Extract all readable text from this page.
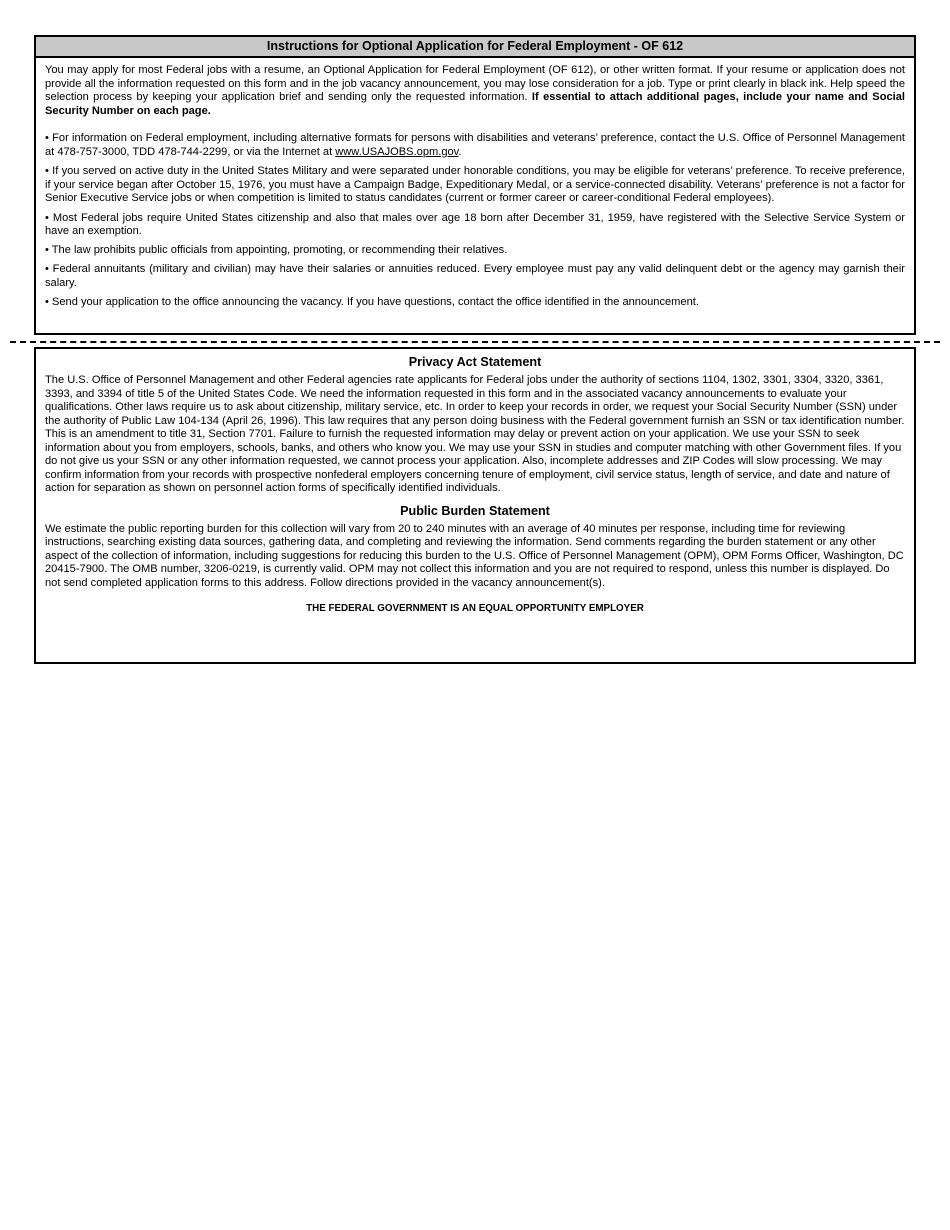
Instructions for Optional Application for Federal Employment - OF 612

You may apply for most Federal jobs with a resume, an Optional Application for Federal Employment (OF 612), or other written format. If your resume or application does not provide all the information requested on this form and in the job vacancy announcement, you may lose consideration for a job. Type or print clearly in black ink. Help speed the selection process by keeping your application brief and sending only the requested information. If essential to attach additional pages, include your name and Social Security Number on each page.

• For information on Federal employment, including alternative formats for persons with disabilities and veterans’ preference, contact the U.S. Office of Personnel Management at 478-757-3000, TDD 478-744-2299, or via the Internet at www.USAJOBS.opm.gov.

• If you served on active duty in the United States Military and were separated under honorable conditions, you may be eligible for veterans’ preference. To receive preference, if your service began after October 15, 1976, you must have a Campaign Badge, Expeditionary Medal, or a service-connected disability. Veterans’ preference is not a factor for Senior Executive Service jobs or when competition is limited to status candidates (current or former career or career-conditional Federal employees).

• Most Federal jobs require United States citizenship and also that males over age 18 born after December 31, 1959, have registered with the Selective Service System or have an exemption.

• The law prohibits public officials from appointing, promoting, or recommending their relatives.

• Federal annuitants (military and civilian) may have their salaries or annuities reduced. Every employee must pay any valid delinquent debt or the agency may garnish their salary.

• Send your application to the office announcing the vacancy. If you have questions, contact the office identified in the announcement.

Privacy Act Statement

The U.S. Office of Personnel Management and other Federal agencies rate applicants for Federal jobs under the authority of sections 1104, 1302, 3301, 3304, 3320, 3361, 3393, and 3394 of title 5 of the United States Code. We need the information requested in this form and in the associated vacancy announcements to evaluate your qualifications. Other laws require us to ask about citizenship, military service, etc. In order to keep your records in order, we request your Social Security Number (SSN) under the authority of Public Law 104-134 (April 26, 1996). This law requires that any person doing business with the Federal government furnish an SSN or tax identification number. This is an amendment to title 31, Section 7701. Failure to furnish the requested information may delay or prevent action on your application. We use your SSN to seek information about you from employers, schools, banks, and others who know you. We may use your SSN in studies and computer matching with other Government files. If you do not give us your SSN or any other information requested, we cannot process your application. Also, incomplete addresses and ZIP Codes will slow processing. We may confirm information from your records with prospective nonfederal employers concerning tenure of employment, civil service status, length of service, and date and nature of action for separation as shown on personnel action forms of specifically identified individuals.

Public Burden Statement

We estimate the public reporting burden for this collection will vary from 20 to 240 minutes with an average of 40 minutes per response, including time for reviewing instructions, searching existing data sources, gathering data, and completing and reviewing the information. Send comments regarding the burden statement or any other aspect of the collection of information, including suggestions for reducing this burden to the U.S. Office of Personnel Management (OPM), OPM Forms Officer, Washington, DC 20415-7900. The OMB number, 3206-0219, is currently valid. OPM may not collect this information and you are not required to respond, unless this number is displayed. Do not send completed application forms to this address. Follow directions provided in the vacancy announcement(s).

THE FEDERAL GOVERNMENT IS AN EQUAL OPPORTUNITY EMPLOYER
